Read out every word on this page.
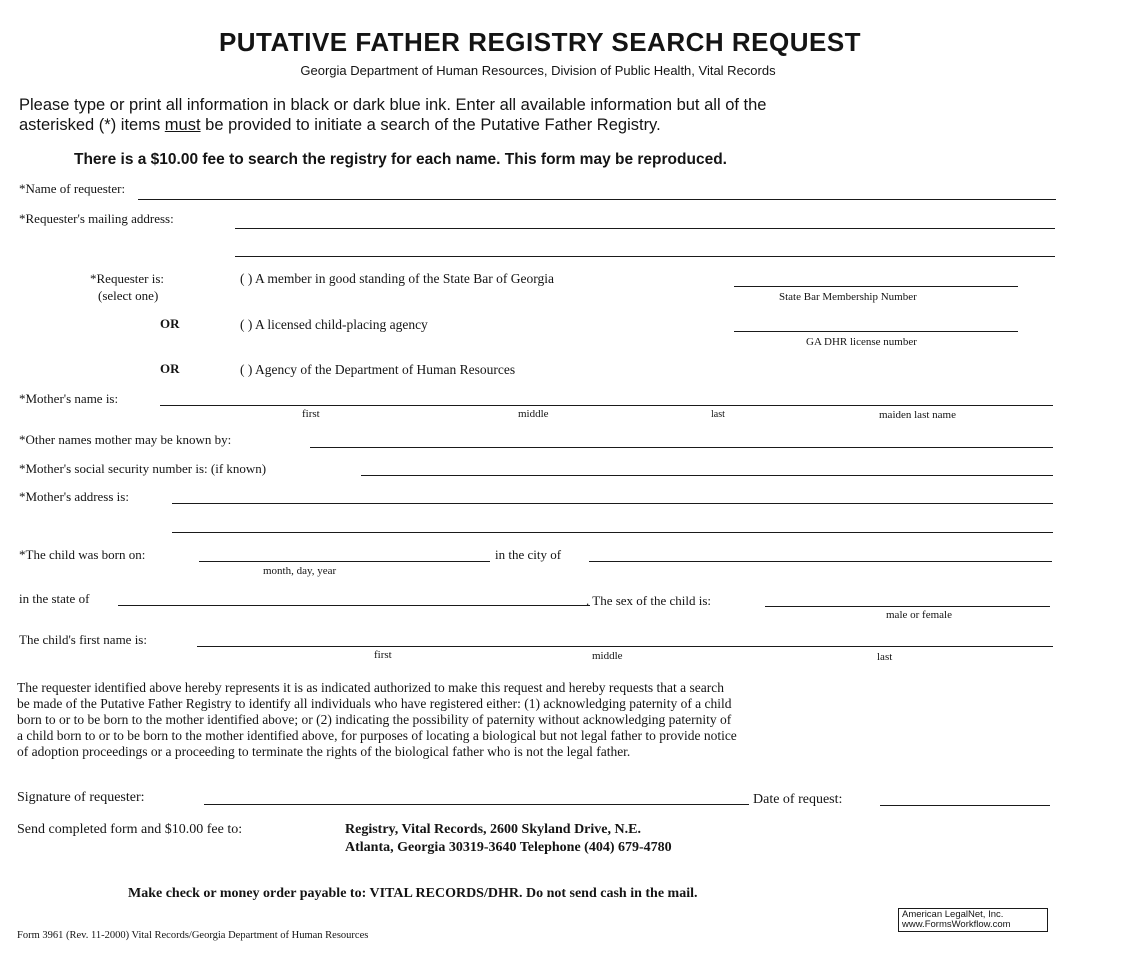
PUTATIVE FATHER REGISTRY SEARCH REQUEST
Georgia Department of Human Resources, Division of Public Health, Vital Records
Please type or print all information in black or dark blue ink. Enter all available information but all of the
asterisked (*) items must be provided to initiate a search of the Putative Father Registry.
There is a $10.00 fee to search the registry for each name. This form may be reproduced.
*Name of requester:
*Requester's mailing address:
*Requester is:
(select one)
( ) A member in good standing of the State Bar of Georgia
State Bar Membership Number
OR	( ) A licensed child-placing agency
GA DHR license number
OR	( ) Agency of the Department of Human Resources
*Mother's name is:
first	middle	last	maiden last name
*Other names mother may be known by:
*Mother's social security number is: (if known)
*Mother's address is:
*The child was born on:
month, day, year
in the city of
in the state of	. The sex of the child is:
male or female
The child's first name is:
first	middle	last
The requester identified above hereby represents it is as indicated authorized to make this request and hereby requests that a search
be made of the Putative Father Registry to identify all individuals who have registered either: (1) acknowledging paternity of a child
born to or to be born to the mother identified above; or (2) indicating the possibility of paternity without acknowledging paternity of
a child born to or to be born to the mother identified above, for purposes of locating a biological but not legal father to provide notice
of adoption proceedings or a proceeding to terminate the rights of the biological father who is not the legal father.
Signature of requester:	Date of request:
Send completed form and $10.00 fee to:	Registry, Vital Records, 2600 Skyland Drive, N.E.
Atlanta, Georgia 30319-3640 Telephone (404) 679-4780
Make check or money order payable to: VITAL RECORDS/DHR. Do not send cash in the mail.
Form 3961 (Rev. 11-2000) Vital Records/Georgia Department of Human Resources
American LegalNet, Inc.
www.FormsWorkflow.com
